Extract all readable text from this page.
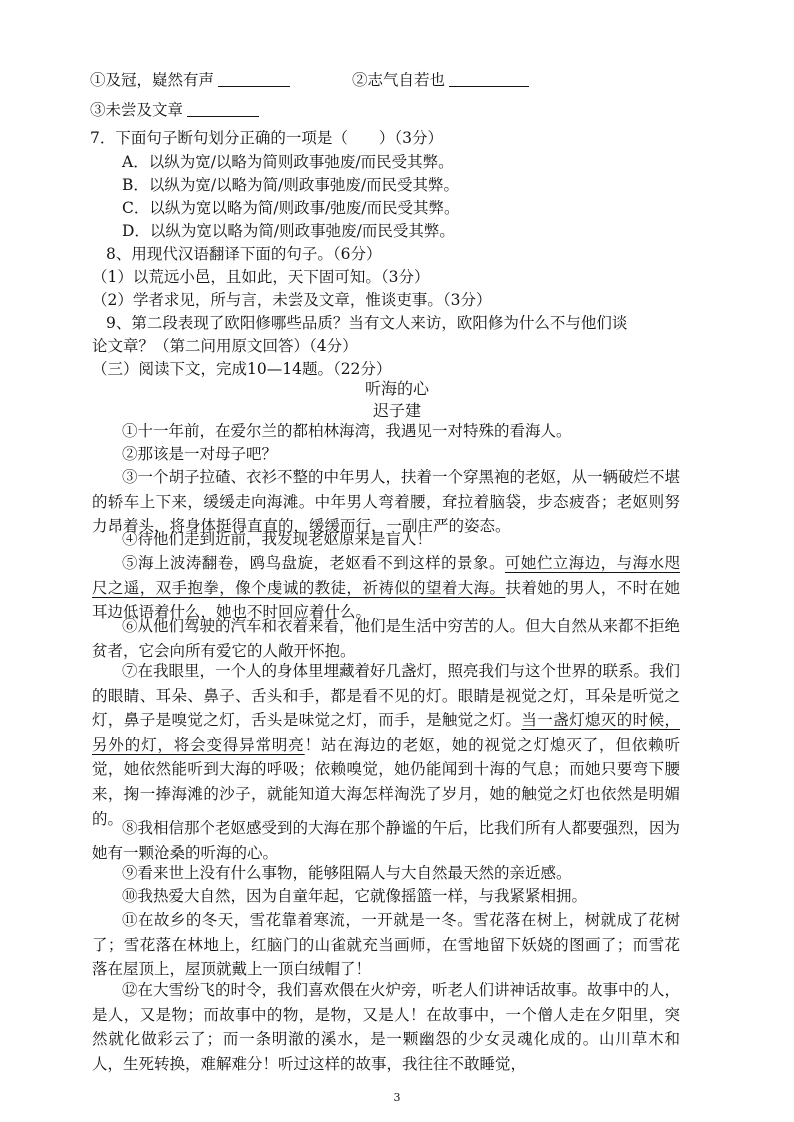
①及冠，嶷然有声	②志气自若也
③未尝及文章
7．下面句子断句划分正确的一项是（　　）（3分）
A．以纵为宽/以略为简则政事弛废/而民受其弊。
B．以纵为宽/以略为简/则政事弛废/而民受其弊。
C．以纵为宽以略为简/则政事/弛废/而民受其弊。
D．以纵为宽以略为简/则政事弛废/而民受其弊。
8、用现代汉语翻译下面的句子。（6分）
（1）以荒远小邑，且如此，天下固可知。（3分）
（2）学者求见，所与言，未尝及文章，惟谈吏事。（3分）
9、第二段表现了欧阳修哪些品质？当有文人来访，欧阳修为什么不与他们谈
论文章？（第二问用原文回答）（4分）
（三）阅读下文，完成10—14题。（22分）
听海的心
迟子建
①十一年前，在爱尔兰的都柏林海湾，我遇见一对特殊的看海人。
②那该是一对母子吧？
③一个胡子拉碴、衣衫不整的中年男人，扶着一个穿黑袍的老妪，从一辆破烂不堪的轿车上下来，缓缓走向海滩。中年男人弯着腰，耷拉着脑袋，步态疲沓；老妪则努力昂着头，将身体挺得直直的，缓缓而行，一副庄严的姿态。
④待他们走到近前，我发现老妪原来是盲人！
⑤海上波涛翻卷，鸥鸟盘旋，老妪看不到这样的景象。可她伫立海边，与海水咫尺之遥，双手抱拳，像个虔诚的教徒，祈祷似的望着大海。扶着她的男人，不时在她耳边低语着什么，她也不时回应着什么。
⑥从他们驾驶的汽车和衣着来看，他们是生活中穷苦的人。但大自然从来都不拒绝贫者，它会向所有爱它的人敞开怀抱。
⑦在我眼里，一个人的身体里埋藏着好几盏灯，照亮我们与这个世界的联系。我们的眼睛、耳朵、鼻子、舌头和手，都是看不见的灯。眼睛是视觉之灯，耳朵是听觉之灯，鼻子是嗅觉之灯，舌头是味觉之灯，而手，是触觉之灯。当一盏灯熄灭的时候，另外的灯，将会变得异常明亮！站在海边的老妪，她的视觉之灯熄灭了，但依赖听觉，她依然能听到大海的呼吸；依赖嗅觉，她仍能闻到十海的气息；而她只要弯下腰来，掬一捧海滩的沙子，就能知道大海怎样淘洗了岁月，她的触觉之灯也依然是明媚的。
⑧我相信那个老妪感受到的大海在那个静谧的午后，比我们所有人都要强烈，因为她有一颗沧桑的听海的心。
⑨看来世上没有什么事物，能够阻隔人与大自然最天然的亲近感。
⑩我热爱大自然，因为自童年起，它就像摇篮一样，与我紧紧相拥。
⑪在故乡的冬天，雪花靠着寒流，一开就是一冬。雪花落在树上，树就成了花树了；雪花落在林地上，红脑门的山雀就充当画师，在雪地留下妖娆的图画了；而雪花落在屋顶上，屋顶就戴上一顶白绒帽了！
⑫在大雪纷飞的时令，我们喜欢偎在火炉旁，听老人们讲神话故事。故事中的人，是人，又是物；而故事中的物，是物，又是人！在故事中，一个僧人走在夕阳里，突然就化做彩云了；而一条明澈的溪水，是一颗幽怨的少女灵魂化成的。山川草木和人，生死转换，难解难分！听过这样的故事，我往往不敢睡觉，
3
